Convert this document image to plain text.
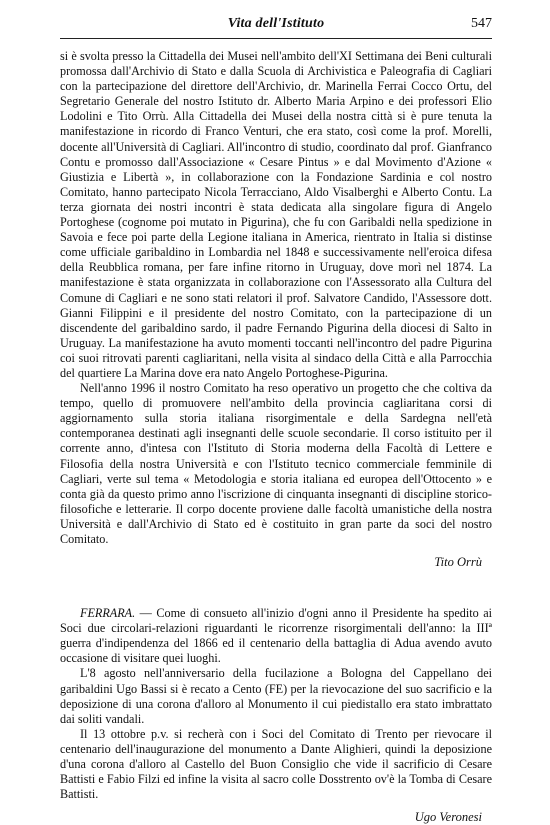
Vita dell'Istituto	547

si è svolta presso la Cittadella dei Musei nell'ambito dell'XI Settimana dei Beni culturali promossa dall'Archivio di Stato e dalla Scuola di Archivistica e Paleografia di Cagliari con la partecipazione del direttore dell'Archivio, dr. Marinella Ferrai Cocco Ortu, del Segretario Generale del nostro Istituto dr. Alberto Maria Arpino e dei professori Elio Lodolini e Tito Orrù. Alla Cittadella dei Musei della nostra città si è pure tenuta la manifestazione in ricordo di Franco Venturi, che era stato, così come la prof. Morelli, docente all'Università di Cagliari. All'incontro di studio, coordinato dal prof. Gianfranco Contu e promosso dall'Associazione « Cesare Pintus » e dal Movimento d'Azione « Giustizia e Libertà », in collaborazione con la Fondazione Sardinia e col nostro Comitato, hanno partecipato Nicola Terracciano, Aldo Visalberghi e Alberto Contu. La terza giornata dei nostri incontri è stata dedicata alla singolare figura di Angelo Portoghese (cognome poi mutato in Pigurina), che fu con Garibaldi nella spedizione in Savoia e fece poi parte della Legione italiana in America, rientrato in Italia si distinse come ufficiale garibaldino in Lombardia nel 1848 e successivamente nell'eroica difesa della Reubblica romana, per fare infine ritorno in Uruguay, dove morì nel 1874. La manifestazione è stata organizzata in collaborazione con l'Assessorato alla Cultura del Comune di Cagliari e ne sono stati relatori il prof. Salvatore Candido, l'Assessore dott. Gianni Filippini e il presidente del nostro Comitato, con la partecipazione di un discendente del garibaldino sardo, il padre Fernando Pigurina della diocesi di Salto in Uruguay. La manifestazione ha avuto momenti toccanti nell'incontro del padre Pigurina coi suoi ritrovati parenti cagliaritani, nella visita al sindaco della Città e alla Parrocchia del quartiere La Marina dove era nato Angelo Portoghese-Pigurina.

Nell'anno 1996 il nostro Comitato ha reso operativo un progetto che che coltiva da tempo, quello di promuovere nell'ambito della provincia cagliaritana corsi di aggiornamento sulla storia italiana risorgimentale e della Sardegna nell'età contemporanea destinati agli insegnanti delle scuole secondarie. Il corso istituito per il corrente anno, d'intesa con l'Istituto di Storia moderna della Facoltà di Lettere e Filosofia della nostra Università e con l'Istituto tecnico commerciale femminile di Cagliari, verte sul tema « Metodologia e storia italiana ed europea dell'Ottocento » e conta già da questo primo anno l'iscrizione di cinquanta insegnanti di discipline storico-filosofiche e letterarie. Il corpo docente proviene dalle facoltà umanistiche della nostra Università e dall'Archivio di Stato ed è costituito in gran parte da soci del nostro Comitato.

Tito Orrù

FERRARA. — Come di consueto all'inizio d'ogni anno il Presidente ha spedito ai Soci due circolari-relazioni riguardanti le ricorrenze risorgimentali dell'anno: la IIIª guerra d'indipendenza del 1866 ed il centenario della battaglia di Adua avendo avuto occasione di visitare quei luoghi.

L'8 agosto nell'anniversario della fucilazione a Bologna del Cappellano dei garibaldini Ugo Bassi si è recato a Cento (FE) per la rievocazione del suo sacrificio e la deposizione di una corona d'alloro al Monumento il cui piedistallo era stato imbrattato dai soliti vandali.

Il 13 ottobre p.v. si recherà con i Soci del Comitato di Trento per rievocare il centenario dell'inaugurazione del monumento a Dante Alighieri, quindi la deposizione d'una corona d'alloro al Castello del Buon Consiglio che vide il sacrificio di Cesare Battisti e Fabio Filzi ed infine la visita al sacro colle Dosstrento ov'è la Tomba di Cesare Battisti.

Ugo Veronesi
